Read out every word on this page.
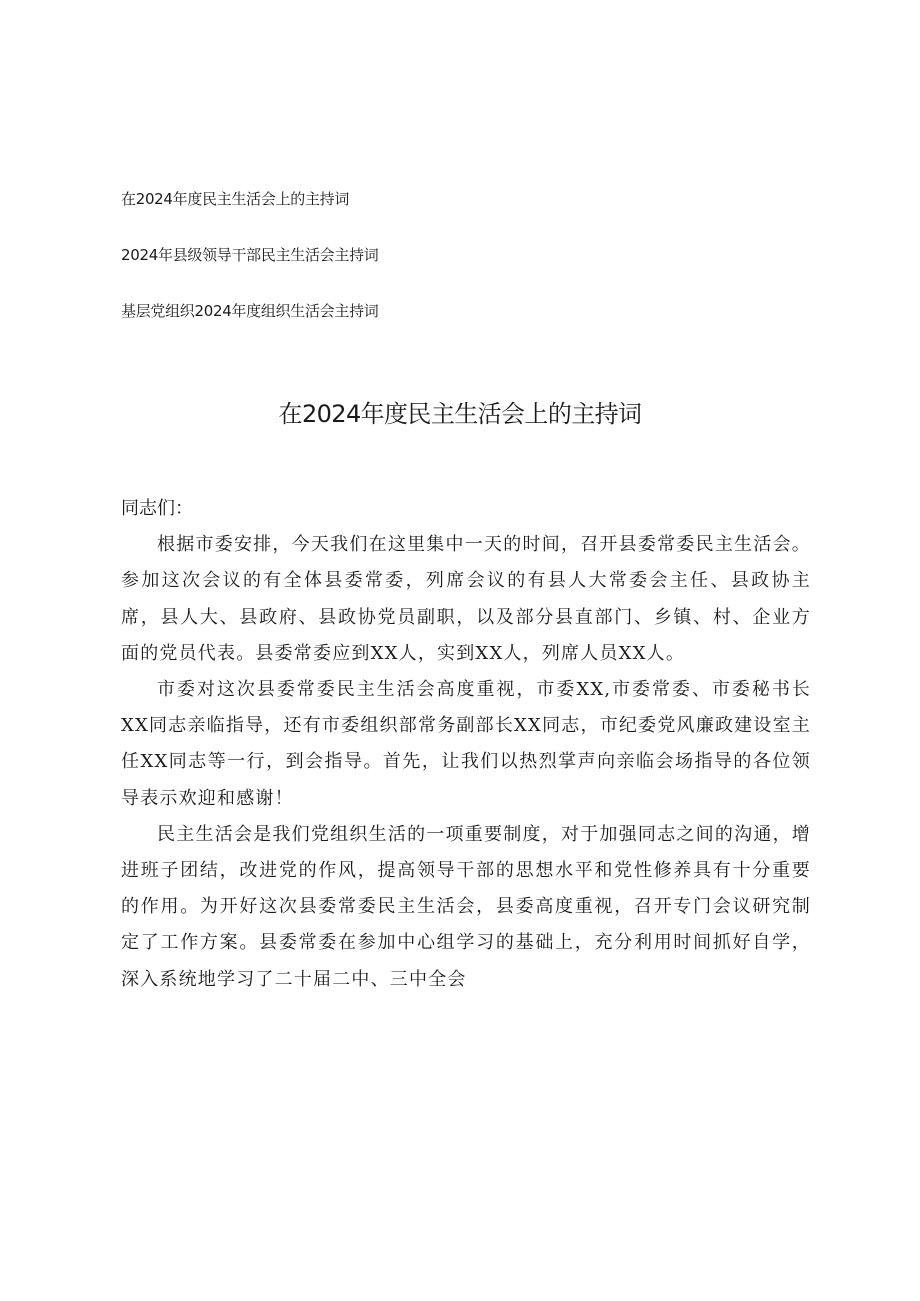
在2024年度民主生活会上的主持词
2024年县级领导干部民主生活会主持词
基层党组织2024年度组织生活会主持词
在2024年度民主生活会上的主持词

同志们：

根据市委安排，今天我们在这里集中一天的时间，召开县委常委民主生活会。参加这次会议的有全体县委常委，列席会议的有县人大常委会主任、县政协主席，县人大、县政府、县政协党员副职，以及部分县直部门、乡镇、村、企业方面的党员代表。县委常委应到XX人，实到XX人，列席人员XX人。

市委对这次县委常委民主生活会高度重视，市委XX,市委常委、市委秘书长XX同志亲临指导，还有市委组织部常务副部长XX同志，市纪委党风廉政建设室主任XX同志等一行，到会指导。首先，让我们以热烈掌声向亲临会场指导的各位领导表示欢迎和感谢！

民主生活会是我们党组织生活的一项重要制度，对于加强同志之间的沟通，增进班子团结，改进党的作风，提高领导干部的思想水平和党性修养具有十分重要的作用。为开好这次县委常委民主生活会，县委高度重视，召开专门会议研究制定了工作方案。县委常委在参加中心组学习的基础上，充分利用时间抓好自学，深入系统地学习了二十届二中、三中全会
